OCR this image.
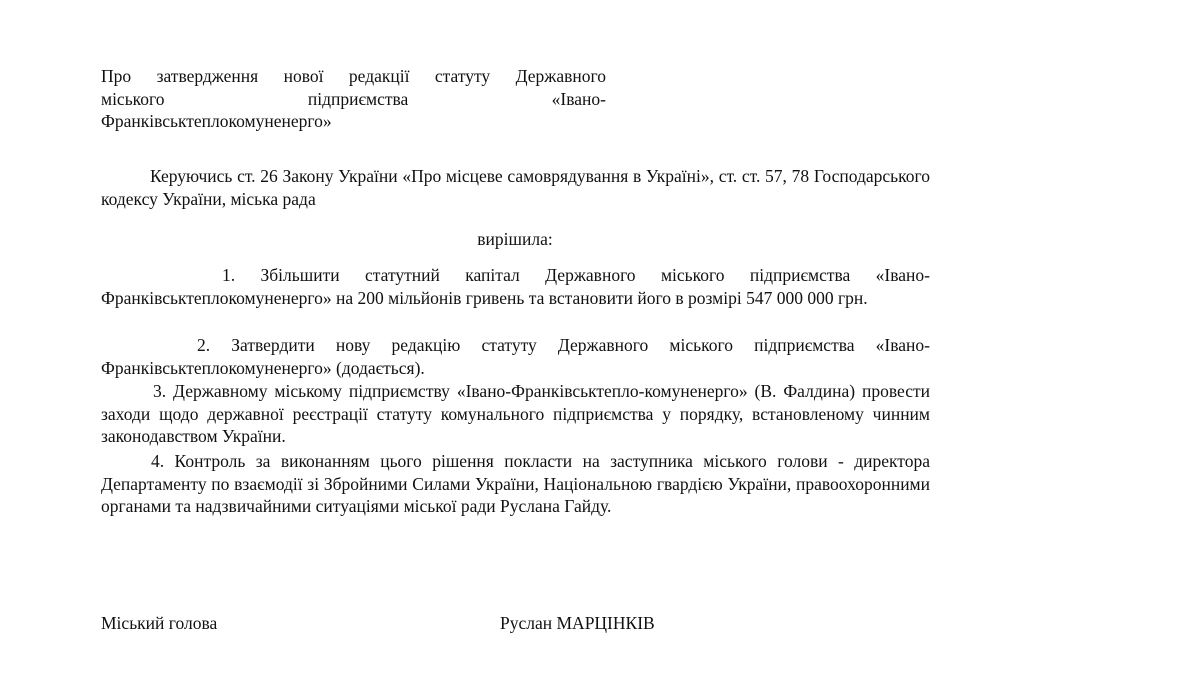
Про затвердження нової редакції статуту Державного
міського підприємства «Івано-
Франківськтеплокомуненерго»

Керуючись ст. 26 Закону України «Про місцеве самоврядування в Україні», ст. ст. 57, 78 Господарського кодексу України, міська рада

вирішила:

1. Збільшити статутний капітал Державного міського підприємства «Івано-Франківськтеплокомуненерго» на 200 мільйонів гривень та встановити його в розмірі 547 000 000 грн.

2. Затвердити нову редакцію статуту Державного міського підприємства «Івано-Франківськтеплокомуненерго» (додається).

3. Державному міському підприємству «Івано-Франківськтепло-комуненерго» (В. Фалдина) провести заходи щодо державної реєстрації статуту комунального підприємства у порядку, встановленому чинним законодавством України.

4. Контроль за виконанням цього рішення покласти на заступника міського голови - директора Департаменту по взаємодії зі Збройними Силами України, Національною гвардією України, правоохоронними органами та надзвичайними ситуаціями міської ради Руслана Гайду.

Міський голова	Руслан МАРЦІНКІВ
